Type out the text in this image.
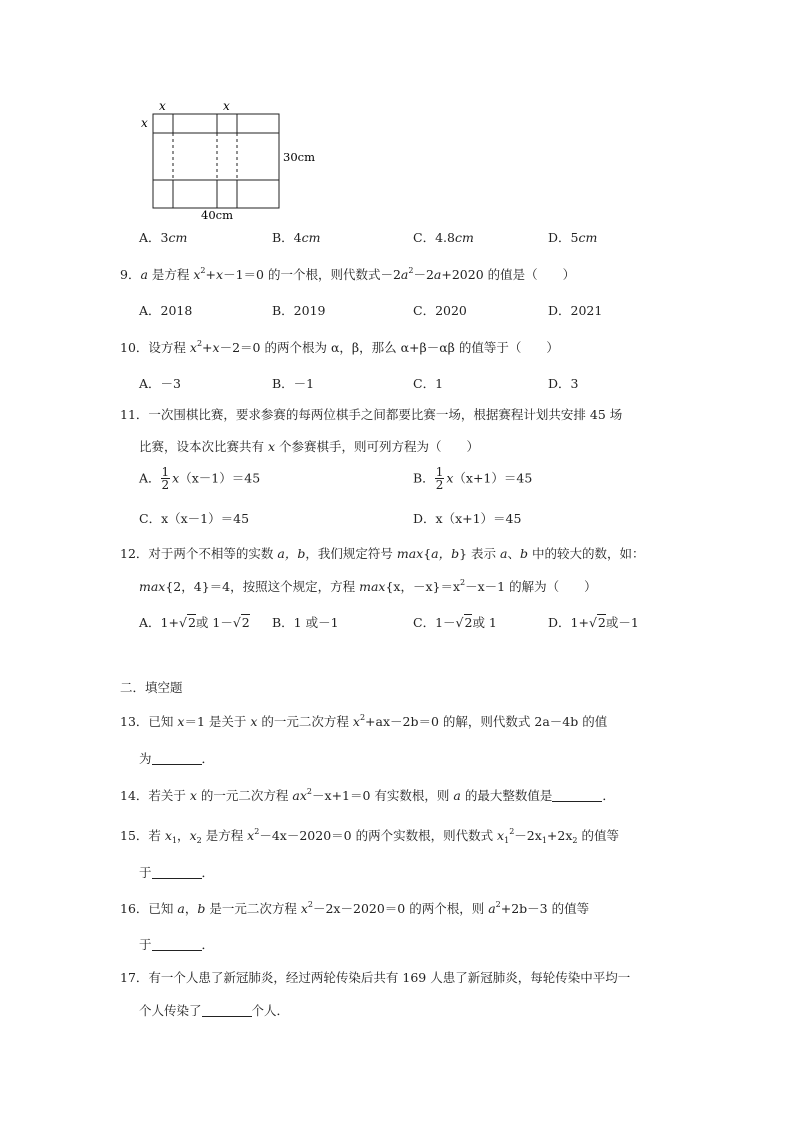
x	x
x
30cm
40cm
A．3cm	B．4cm	C．4.8cm	D．5cm
9．a 是方程 $x^2+x-1=0$ 的一个根，则代数式$-2a^2-2a+2020$ 的值是（　　）
A．2018	B．2019	C．2020	D．2021
10．设方程 $x^2+x-2=0$ 的两个根为 α，β，那么 α+β－αβ 的值等于（　　）
A．－3	B．－1	C．1	D．3
11．一次围棋比赛，要求参赛的每两位棋手之间都要比赛一场，根据赛程计划共安排 45 场
比赛，设本次比赛共有 x 个参赛棋手，则可列方程为（　　）
A． $\frac{1}{2} x(x-1)=45$	B． $\frac{1}{2} x(x+1)=45$
C．x（x－1）＝45	D．x（x+1）＝45
12．对于两个不相等的实数 a，b，我们规定符号 max{a，b} 表示 a、b 中的较大的数，如：
max{2，4}＝4，按照这个规定，方程 max{x，$-x\}=x^2-x-1$ 的解为（　　）
A．1+√2或 1－√2 B．1 或－1	C．1－√2或 1	D．1+√2或－1
二．填空题
13．已知 x＝1 是关于 x 的一元二次方程 $x^2+ax-2b=0$ 的解，则代数式 2a－4b 的值
为	．
14．若关于 x 的一元二次方程 $ax^2-x+1=0$ 有实数根，则 a 的最大整数值是	．
15．若 $x_1$，$x_2$ 是方程 $x^2-4x-2020=0$ 的两个实数根，则代数式 $x_1^2-2x_1+2x_2$ 的值等
于	．
16．已知 a，b 是一元二次方程 $x^2-2x-2020=0$ 的两个根，则 $a^2+2b-3$ 的值等
于	．
17．有一个人患了新冠肺炎，经过两轮传染后共有 169 人患了新冠肺炎，每轮传染中平均一
个人传染了	个人．
